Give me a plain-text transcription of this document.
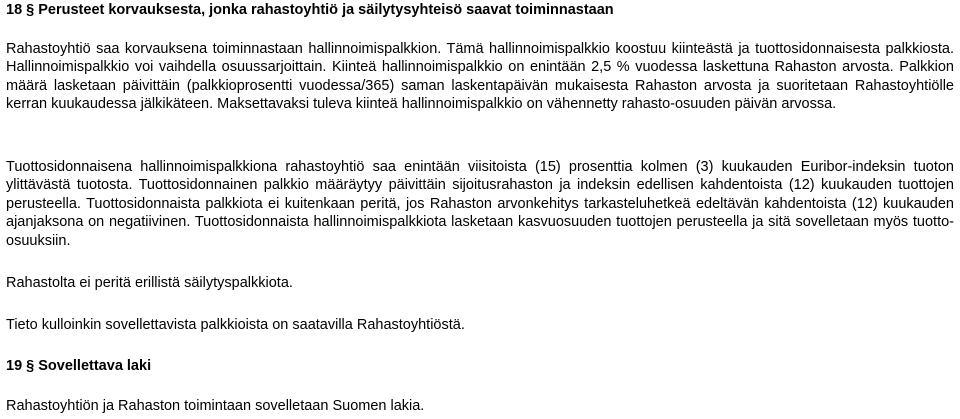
18 § Perusteet korvauksesta, jonka rahastoyhtiö ja säilytysyhteisö saavat toiminnastaan

Rahastoyhtiö saa korvauksena toiminnastaan hallinnoimispalkkion. Tämä hallinnoimispalkkio koostuu kiinteästä ja tuottosidonnaisesta palkkiosta. Hallinnoimispalkkio voi vaihdella osuussarjoittain. Kiinteä hallinnoimispalkkio on enintään 2,5 % vuodessa laskettuna Rahaston arvosta. Palkkion määrä lasketaan päivittäin (palkkioprosentti vuodessa/365) saman laskentapäivän mukaisesta Rahaston arvosta ja suoritetaan Rahastoyhtiölle kerran kuukaudessa jälkikäteen. Maksettavaksi tuleva kiinteä hallinnoimispalkkio on vähennetty rahasto-osuuden päivän arvossa.

Tuottosidonnaisena hallinnoimispalkkiona rahastoyhtiö saa enintään viisitoista (15) prosenttia kolmen (3) kuukauden Euribor-indeksin tuoton ylittävästä tuotosta. Tuottosidonnainen palkkio määräytyy päivittäin sijoitusrahaston ja indeksin edellisen kahdentoista (12) kuukauden tuottojen perusteella. Tuottosidonnaista palkkiota ei kuitenkaan peritä, jos Rahaston arvonkehitys tarkasteluhetkeä edeltävän kahdentoista (12) kuukauden ajanjaksona on negatiivinen. Tuottosidonnaista hallinnoimispalkkiota lasketaan kasvuosuuden tuottojen perusteella ja sitä sovelletaan myös tuotto-osuuksiin.

Rahastolta ei peritä erillistä säilytyspalkkiota.

Tieto kulloinkin sovellettavista palkkioista on saatavilla Rahastoyhtiöstä.

19 § Sovellettava laki

Rahastoyhtiön ja Rahaston toimintaan sovelletaan Suomen lakia.
